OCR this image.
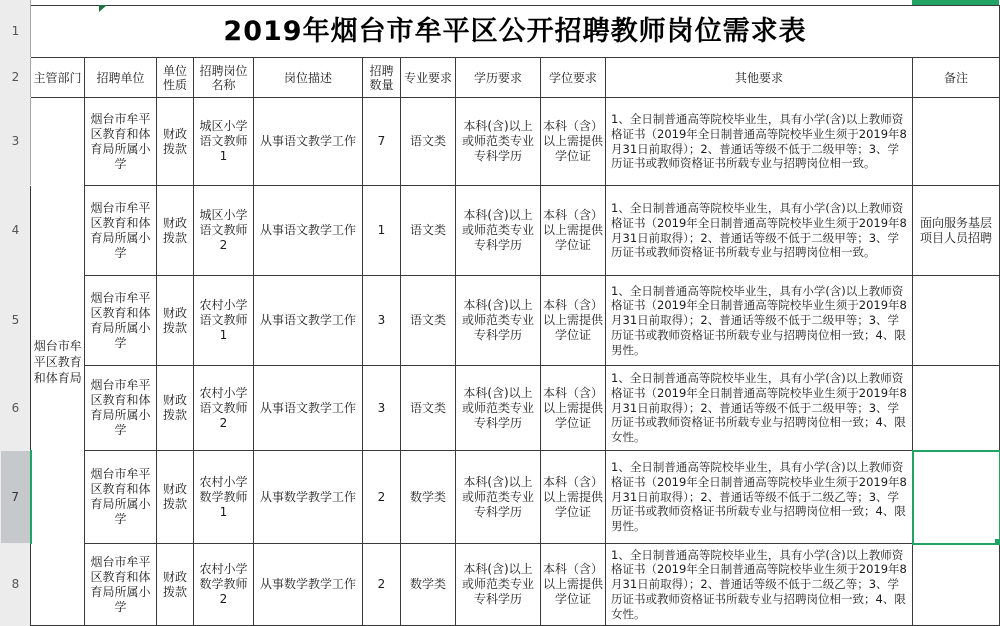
1	2019年烟台市牟平区公开招聘教师岗位需求表										
2	主管部门	招聘单位	单位性质	招聘岗位名称	岗位描述	招聘数量	专业要求	学历要求	学位要求	其他要求	备注
3	烟台市牟平区教育和体育局	烟台市牟平区教育和体育局所属小学	财政拨款	城区小学语文教师1	从事语文教学工作	7	语文类	本科(含)以上或师范类专业专科学历	本科（含）以上需提供学位证	1、全日制普通高等院校毕业生，具有小学(含)以上教师资格证书（2019年全日制普通高等院校毕业生须于2019年8月31日前取得）；2、普通话等级不低于二级甲等；3、学历证书或教师资格证书所载专业与招聘岗位相一致。	
4		烟台市牟平区教育和体育局所属小学	财政拨款	城区小学语文教师2	从事语文教学工作	1	语文类	本科(含)以上或师范类专业专科学历	本科（含）以上需提供学位证	1、全日制普通高等院校毕业生，具有小学(含)以上教师资格证书（2019年全日制普通高等院校毕业生须于2019年8月31日前取得）；2、普通话等级不低于二级甲等；3、学历证书或教师资格证书所载专业与招聘岗位相一致。	面向服务基层项目人员招聘
5		烟台市牟平区教育和体育局所属小学	财政拨款	农村小学语文教师1	从事语文教学工作	3	语文类	本科(含)以上或师范类专业专科学历	本科（含）以上需提供学位证	1、全日制普通高等院校毕业生，具有小学(含)以上教师资格证书（2019年全日制普通高等院校毕业生须于2019年8月31日前取得）；2、普通话等级不低于二级甲等；3、学历证书或教师资格证书所载专业与招聘岗位相一致；4、限男性。	
6		烟台市牟平区教育和体育局所属小学	财政拨款	农村小学语文教师2	从事语文教学工作	3	语文类	本科(含)以上或师范类专业专科学历	本科（含）以上需提供学位证	1、全日制普通高等院校毕业生，具有小学(含)以上教师资格证书（2019年全日制普通高等院校毕业生须于2019年8月31日前取得）；2、普通话等级不低于二级甲等；3、学历证书或教师资格证书所载专业与招聘岗位相一致；4、限女性。	
7		烟台市牟平区教育和体育局所属小学	财政拨款	农村小学数学教师1	从事数学教学工作	2	数学类	本科(含)以上或师范类专业专科学历	本科（含）以上需提供学位证	1、全日制普通高等院校毕业生，具有小学(含)以上教师资格证书（2019年全日制普通高等院校毕业生须于2019年8月31日前取得）；2、普通话等级不低于二级乙等；3、学历证书或教师资格证书所载专业与招聘岗位相一致；4、限男性。	

8		烟台市牟平区教育和体育局所属小学	财政拨款	农村小学数学教师2	从事数学教学工作	2	数学类	本科(含)以上或师范类专业专科学历	本科（含）以上需提供学位证	1、全日制普通高等院校毕业生，具有小学(含)以上教师资格证书（2019年全日制普通高等院校毕业生须于2019年8月31日前取得）；2、普通话等级不低于二级乙等；3、学历证书或教师资格证书所载专业与招聘岗位相一致；4、限女性。	
